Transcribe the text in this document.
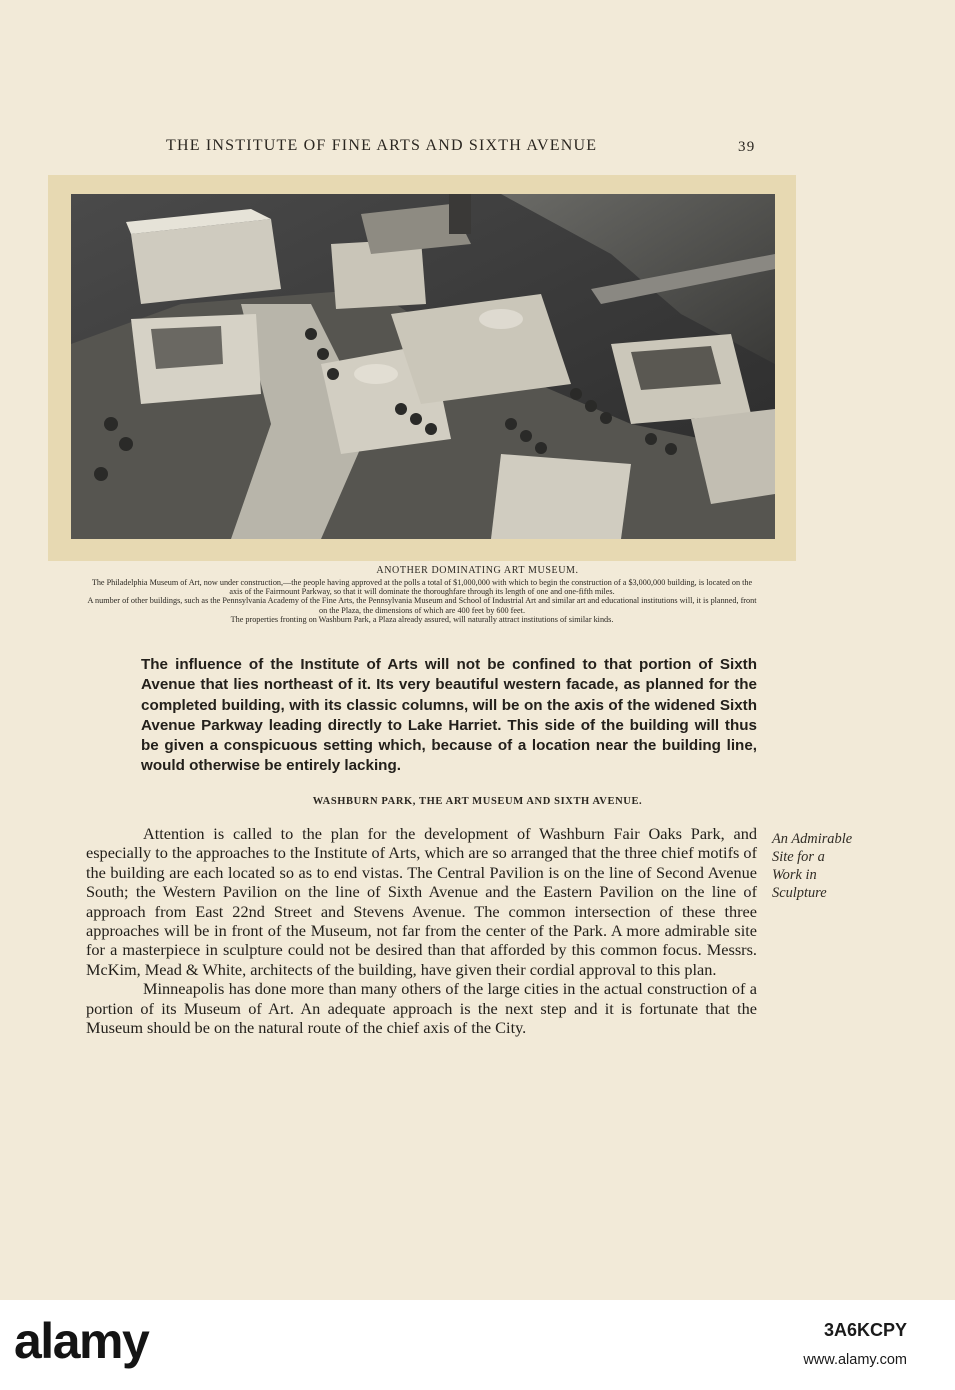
THE INSTITUTE OF FINE ARTS AND SIXTH AVENUE	39
ANOTHER DOMINATING ART MUSEUM.

The Philadelphia Museum of Art, now under construction,—the people having approved at the polls a total of $1,000,000 with which to begin the construction of a $3,000,000 building, is located on the axis of the Fairmount Parkway, so that it will dominate the thoroughfare through its length of one and one-fifth miles.

A number of other buildings, such as the Pennsylvania Academy of the Fine Arts, the Pennsylvania Museum and School of Industrial Art and similar art and educational institutions will, it is planned, front on the Plaza, the dimensions of which are 400 feet by 600 feet.

The properties fronting on Washburn Park, a Plaza already assured, will naturally attract institutions of similar kinds.

The influence of the Institute of Arts will not be confined to that portion of Sixth Avenue that lies northeast of it. Its very beautiful western facade, as planned for the completed building, with its classic columns, will be on the axis of the widened Sixth Avenue Parkway leading directly to Lake Harriet. This side of the building will thus be given a conspicuous setting which, because of a location near the building line, would otherwise be entirely lacking.

WASHBURN PARK, THE ART MUSEUM AND SIXTH AVENUE.

Attention is called to the plan for the development of Washburn Fair Oaks Park, and especially to the approaches to the Institute of Arts, which are so arranged that the three chief motifs of the building are each located so as to end vistas. The Central Pavilion is on the line of Second Avenue South; the Western Pavilion on the line of Sixth Avenue and the Eastern Pavilion on the line of approach from East 22nd Street and Stevens Avenue. The common intersection of these three approaches will be in front of the Museum, not far from the center of the Park. A more admirable site for a masterpiece in sculpture could not be desired than that afforded by this common focus. Messrs. McKim, Mead & White, architects of the building, have given their cordial approval to this plan.

Minneapolis has done more than many others of the large cities in the actual construction of a portion of its Museum of Art. An adequate approach is the next step and it is fortunate that the Museum should be on the natural route of the chief axis of the City.

An Admirable
Site for a
Work in
Sculpture
alamy	3A6KCPY
www.alamy.com
